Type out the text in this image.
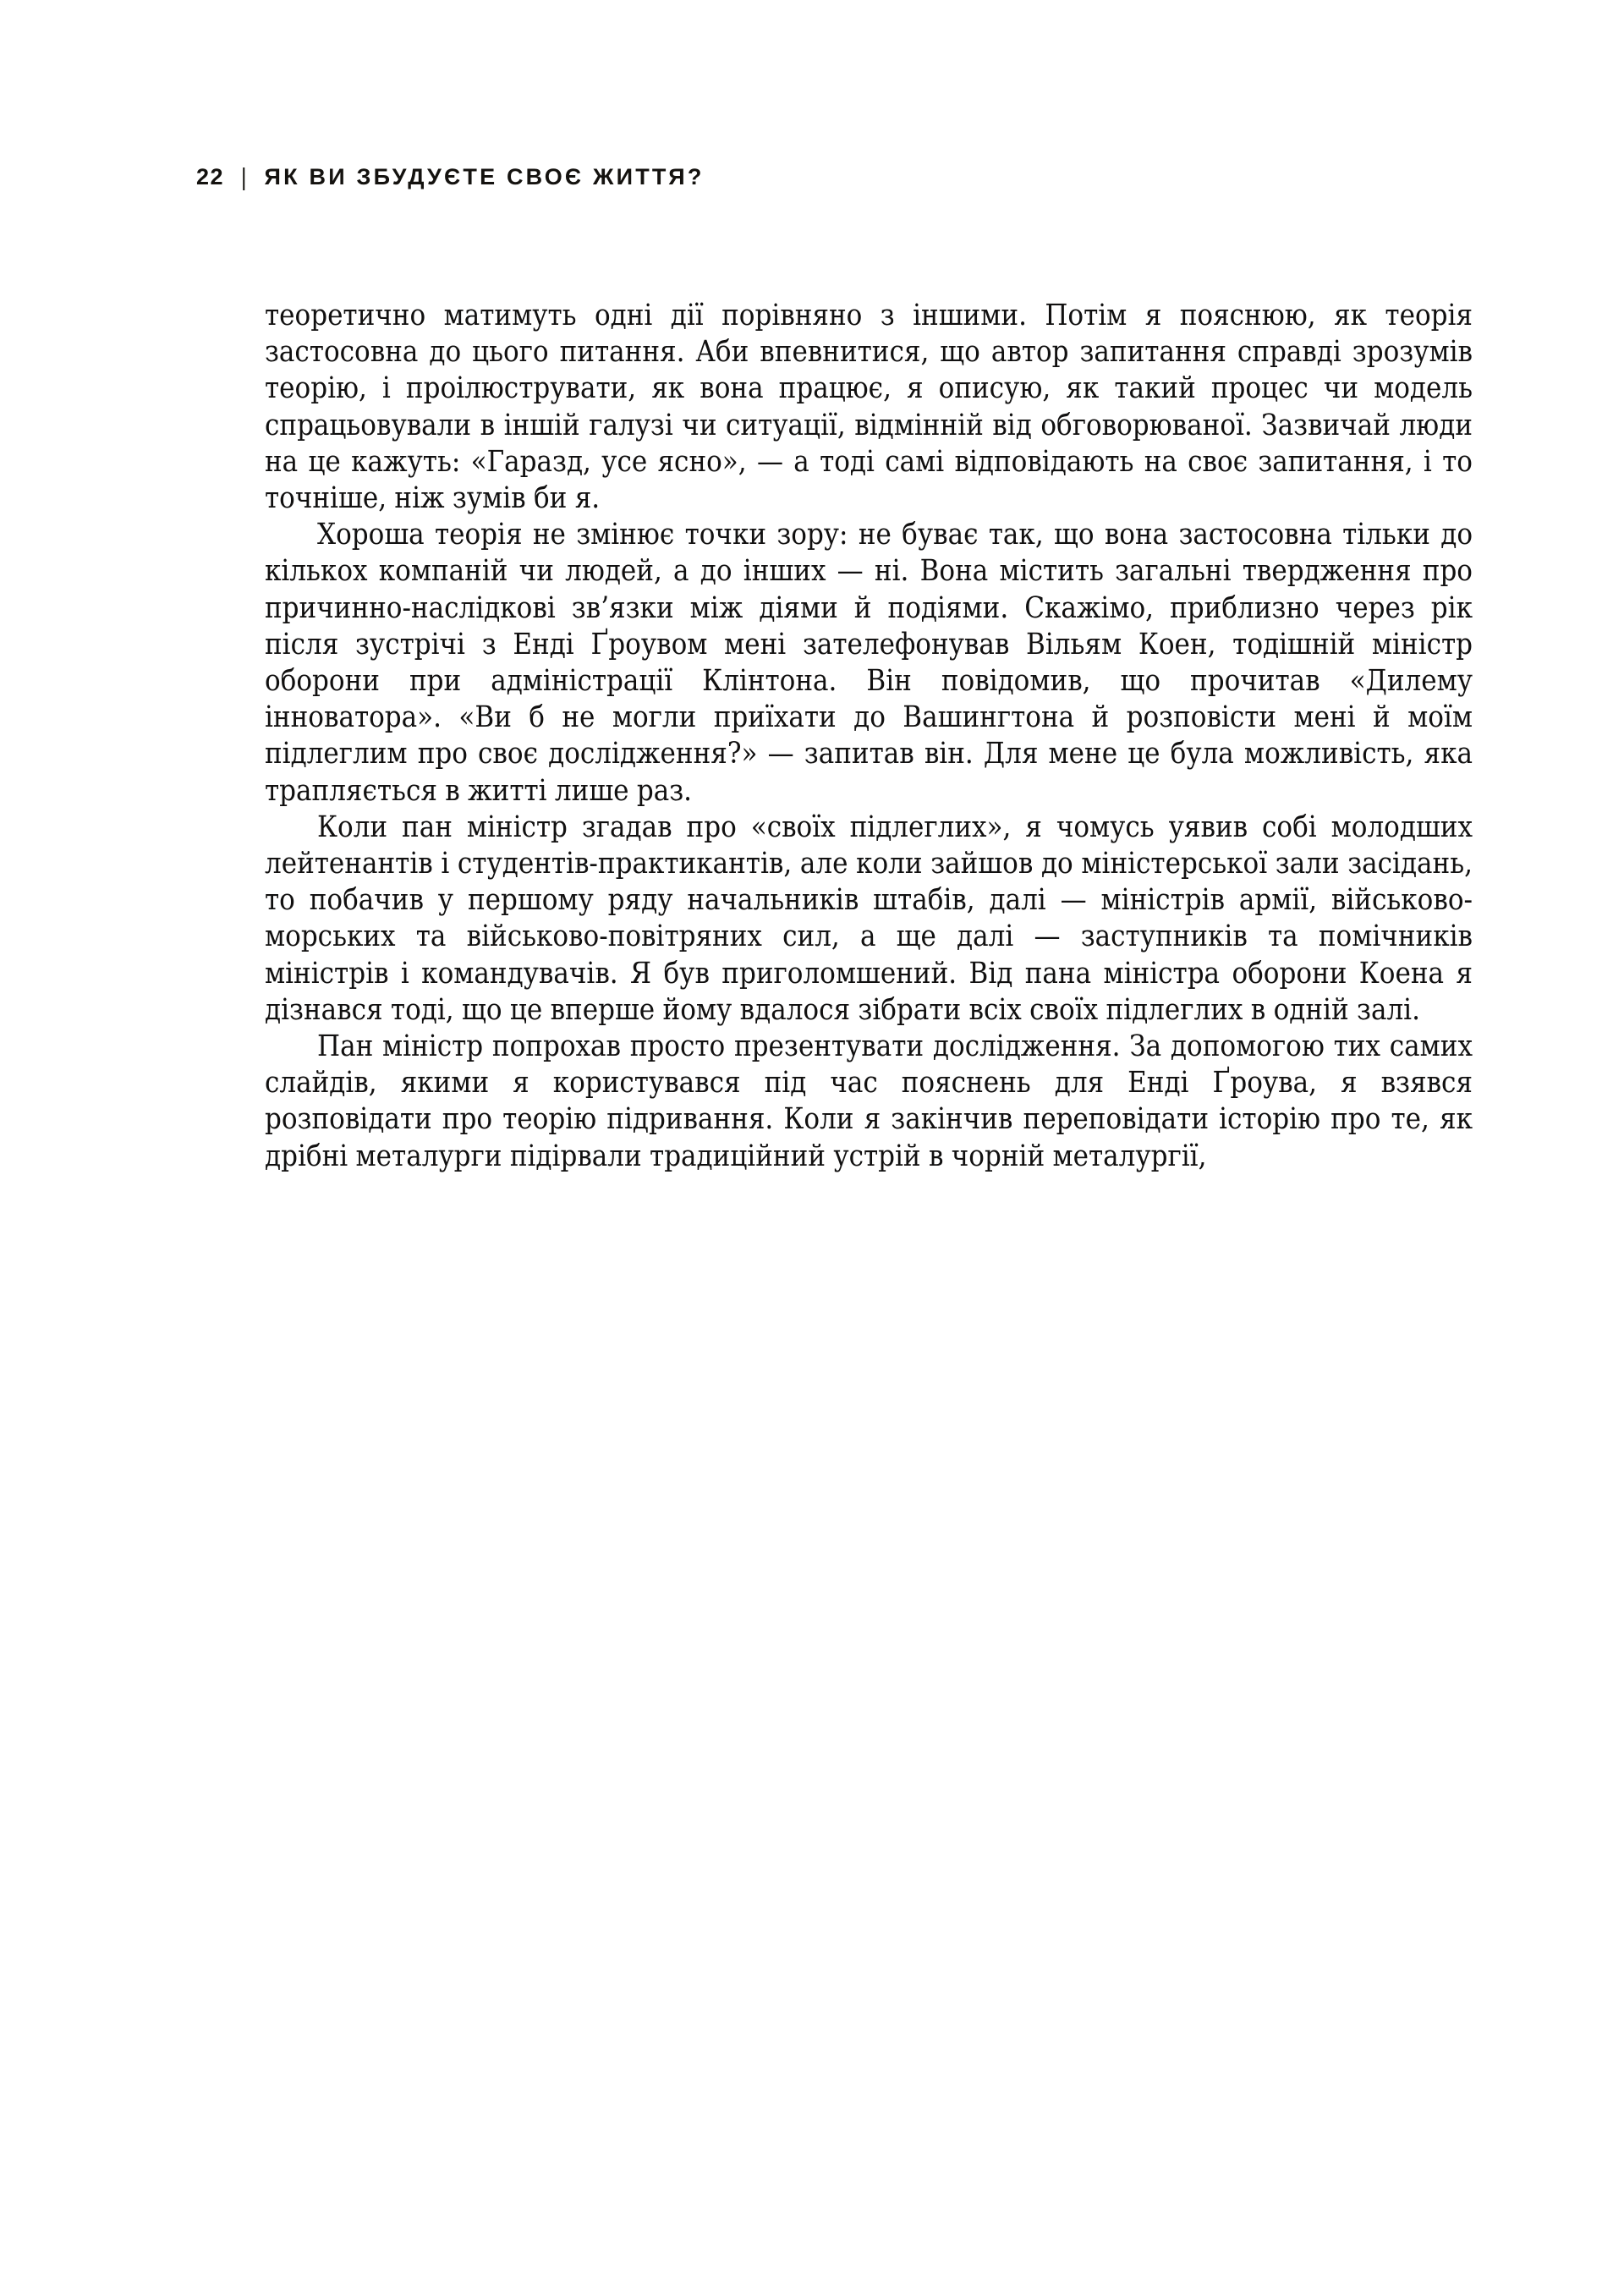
22 | ЯК ВИ ЗБУДУЄТЕ СВОЄ ЖИТТЯ?

теоретично матимуть одні дії порівняно з іншими. Потім я пояснюю, як теорія застосовна до цього питання. Аби впевнитися, що автор запитання справді зрозумів теорію, і проілюструвати, як вона працює, я описую, як такий процес чи модель спрацьовували в іншій галузі чи ситуації, відмінній від обговорюваної. Зазвичай люди на це кажуть: «Гаразд, усе ясно», — а тоді самі відповідають на своє запитання, і то точніше, ніж зумів би я.

Хороша теорія не змінює точки зору: не буває так, що вона застосовна тільки до кількох компаній чи людей, а до інших — ні. Вона містить загальні твердження про причинно-наслідкові зв’язки між діями й подіями. Скажімо, приблизно через рік після зустрічі з Енді Ґроувом мені зателефонував Вільям Коен, тодішній міністр оборони при адміністрації Клінтона. Він повідомив, що прочитав «Дилему інноватора». «Ви б не могли приїхати до Вашингтона й розповісти мені й моїм підлеглим про своє дослідження?» — запитав він. Для мене це була можливість, яка трапляється в житті лише раз.

Коли пан міністр згадав про «своїх підлеглих», я чомусь уявив собі молодших лейтенантів і студентів-практикантів, але коли зайшов до міністерської зали засідань, то побачив у першому ряду начальників штабів, далі — міністрів армії, військово-морських та військово-повітряних сил, а ще далі — заступників та помічників міністрів і командувачів. Я був приголомшений. Від пана міністра оборони Коена я дізнався тоді, що це вперше йому вдалося зібрати всіх своїх підлеглих в одній залі.

Пан міністр попрохав просто презентувати дослідження. За допомогою тих самих слайдів, якими я користувався під час пояснень для Енді Ґроува, я взявся розповідати про теорію підривання. Коли я закінчив переповідати історію про те, як дрібні металурги підірвали традиційний устрій в чорній металургії,
